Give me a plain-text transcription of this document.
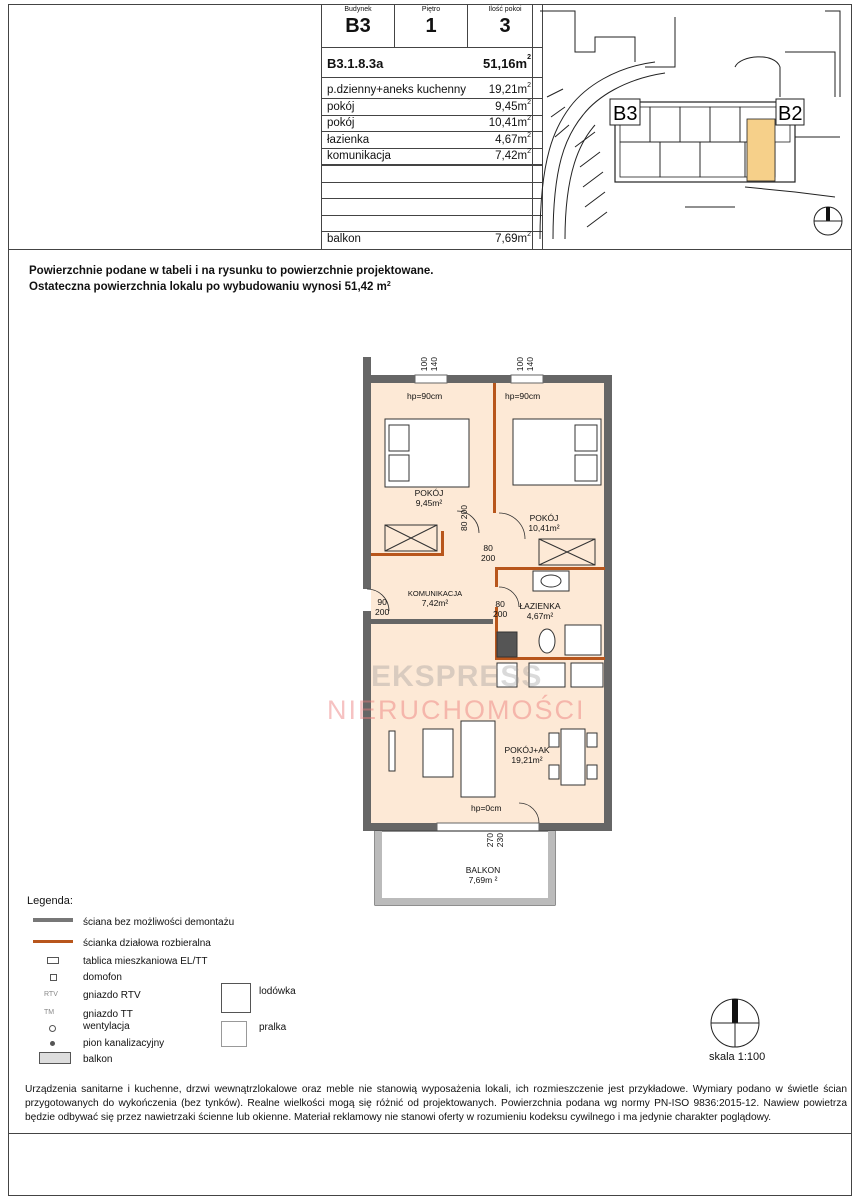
Budynek
B3
Piętro
1
Ilość pokoi
3
B3.1.8.3a	$51,16m^2$
p.dzienny+aneks kuchenny $19,21m^2$
pokój	$9,45m^2$
pokój	$10,41m^2$
łazienka	$4,67m^2$
komunikacja	$7,42m^2$
balkon	$7,69m^2$
B3	B2
Powierzchnie podane w tabeli i na rysunku to powierzchnie projektowane.
Ostateczna powierzchnia lokalu po wybudowaniu wynosi 51,42 $m^2$
100
140	100
140
hp=90cm	hp=90cm
POKÓJ
9,45m²
POKÓJ
10,41m²
KOMUNIKACJA
7,42m²	ŁAZIENKA
4,67m²
POKÓJ+AK
19,21m²
BALKON
7,69m ²
80 200
80
200
80
200
90
200
hp=0cm
270
230
EKSPRESS
NIERUCHOMOŚCI
Legenda:
RTV
TM
ściana bez możliwości demontażu
ścianka działowa rozbieralna
tablica mieszkaniowa EL/TT
domofon
gniazdo RTV
gniazdo TT
wentylacja
pion kanalizacyjny
balkon
lodówka
pralka
skala 1:100
Urządzenia sanitarne i kuchenne, drzwi wewnątrzlokalowe oraz meble nie stanowią wyposażenia lokali, ich rozmieszczenie jest przykładowe. Wymiary podano w świetle ścian przygotowanych do wykończenia (bez tynków). Realne wielkości mogą się różnić od projektowanych. Powierzchnia podana wg normy PN-ISO 9836:2015-12. Nawiew powietrza będzie odbywać się przez nawietrzaki ścienne lub okienne. Materiał reklamowy nie stanowi oferty w rozumieniu kodeksu cywilnego i ma jedynie charakter poglądowy.
